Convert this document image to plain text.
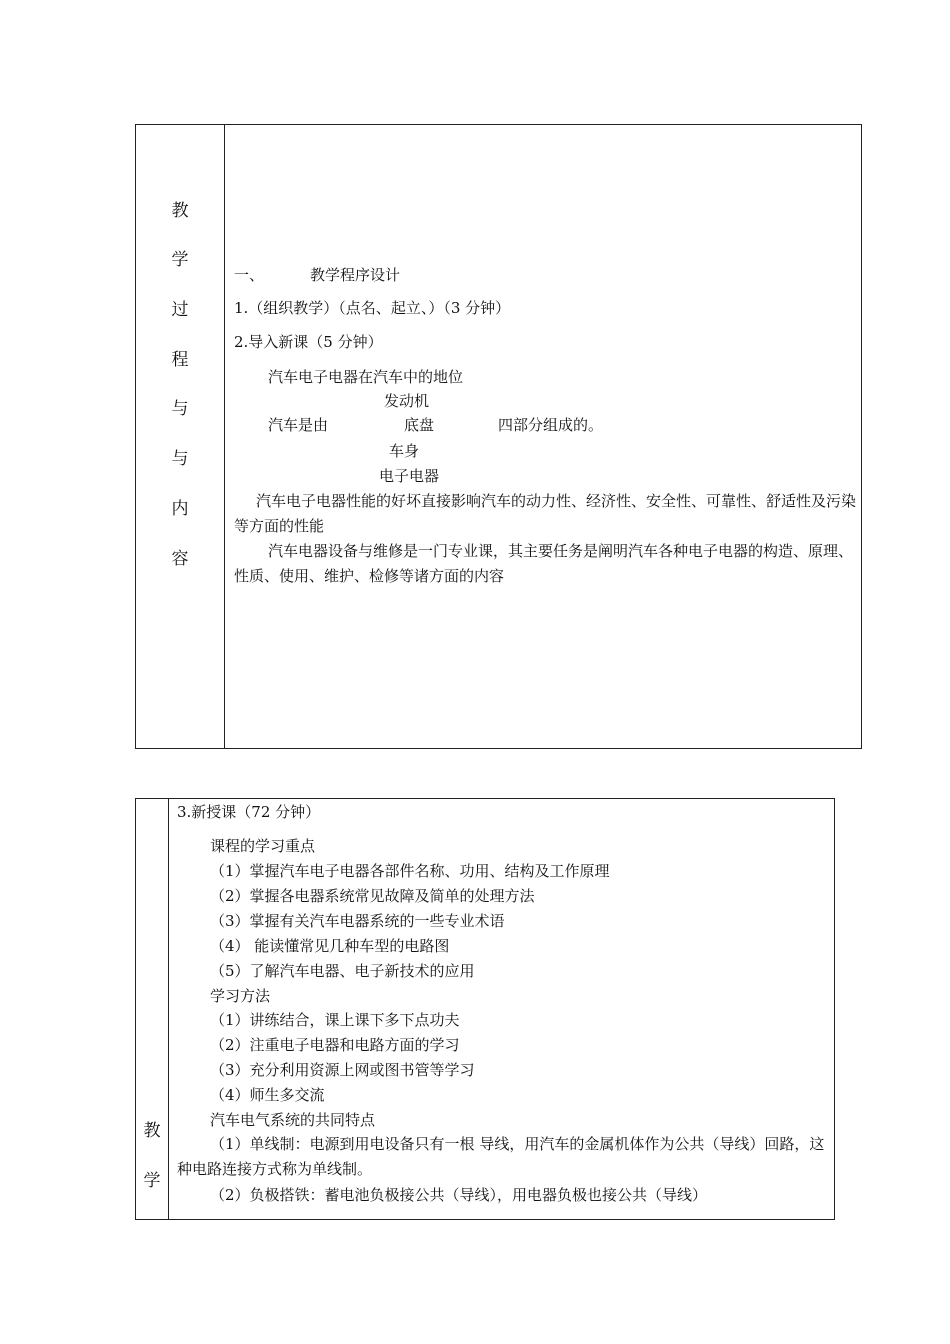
教
学
过
程
与
与
内
容
一、	教学程序设计
1.（组织教学）（点名、起立、）（3 分钟）
2.导入新课（5 分钟）
汽车电子电器在汽车中的地位
发动机
汽车是由	底盘	四部分组成的。
车身
电子电器
汽车电子电器性能的好坏直接影响汽车的动力性、经济性、安全性、可靠性、舒适性及污染等方面的性能
汽车电器设备与维修是一门专业课，其主要任务是阐明汽车各种电子电器的构造、原理、性质、使用、维护、检修等诸方面的内容
教
学
3.新授课（72 分钟）
课程的学习重点
（1）掌握汽车电子电器各部件名称、功用、结构及工作原理
（2）掌握各电器系统常见故障及简单的处理方法
（3）掌握有关汽车电器系统的一些专业术语
（4） 能读懂常见几种车型的电路图
（5）了解汽车电器、电子新技术的应用
学习方法
（1）讲练结合，课上课下多下点功夫
（2）注重电子电器和电路方面的学习
（3）充分利用资源上网或图书管等学习
（4）师生多交流
汽车电气系统的共同特点
（1）单线制：电源到用电设备只有一根 导线，用汽车的金属机体作为公共（导线）回路，这种电路连接方式称为单线制。
（2）负极搭铁：蓄电池负极接公共（导线），用电器负极也接公共（导线）
